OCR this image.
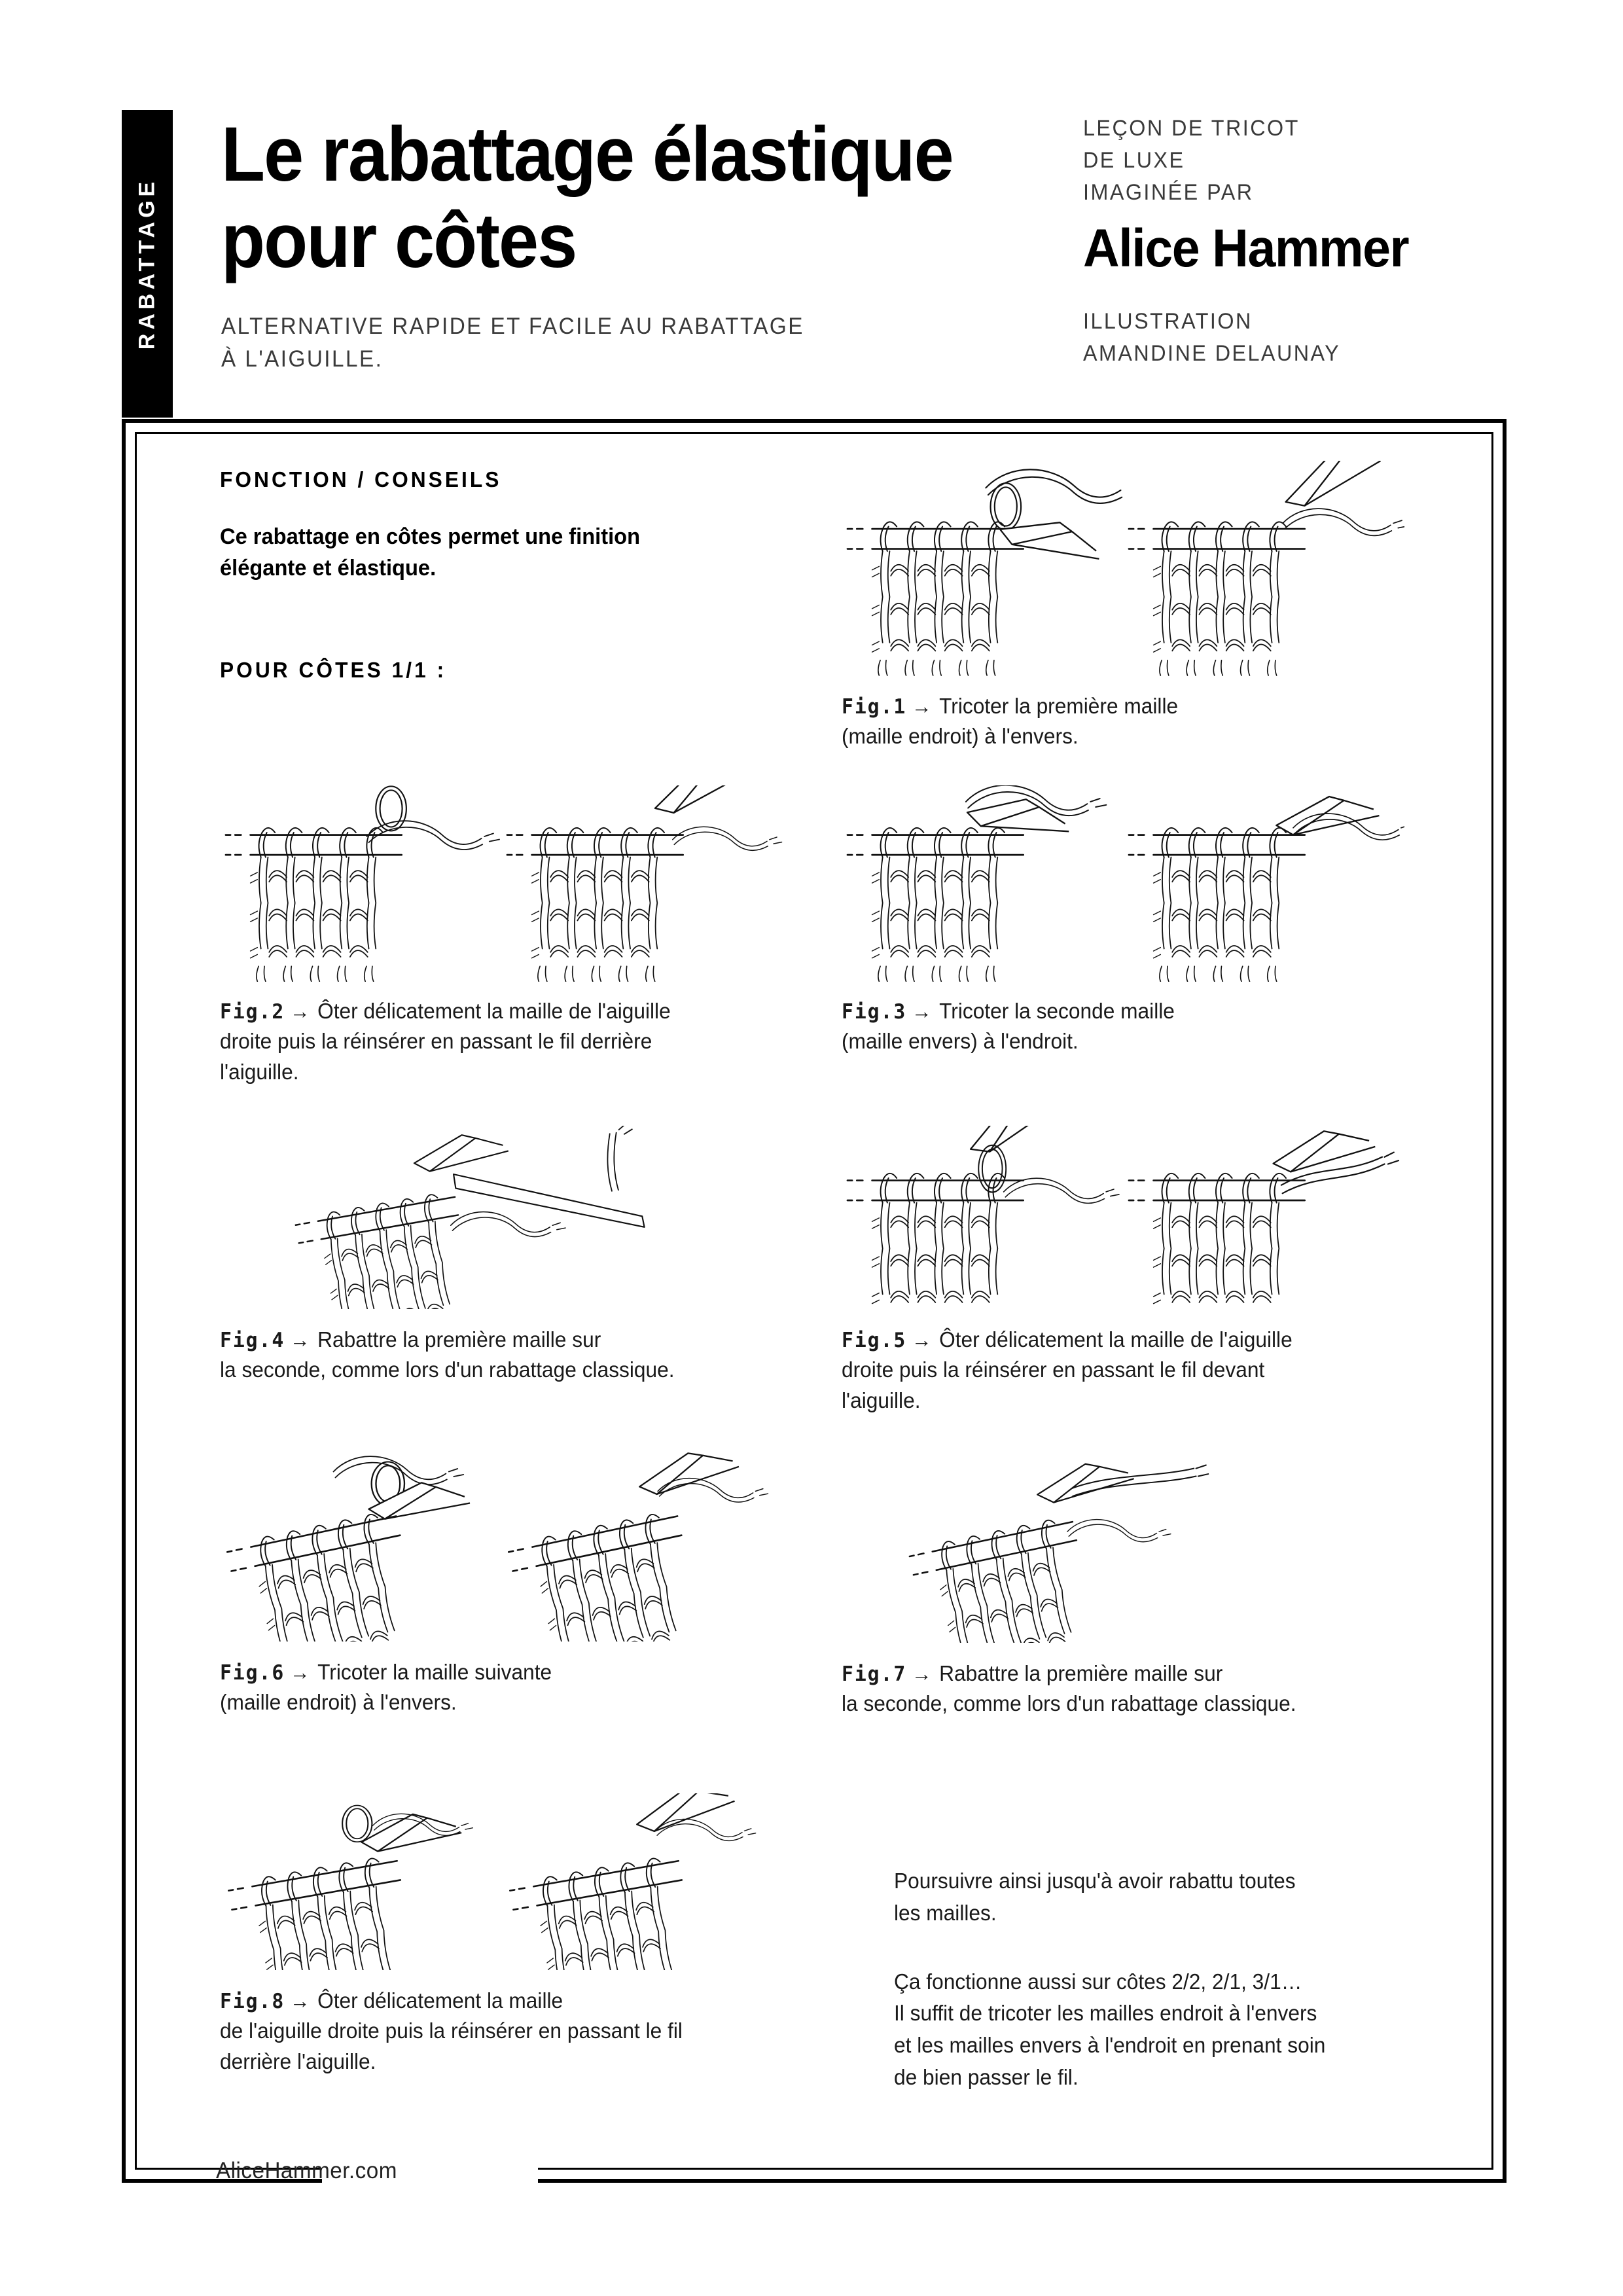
RABATTAGE
Le rabattage élastique
pour côtes
ALTERNATIVE RAPIDE ET FACILE AU RABATTAGE
À L'AIGUILLE.
LEÇON DE TRICOT
DE LUXE
IMAGINÉE PAR
Alice Hammer
ILLUSTRATION
AMANDINE DELAUNAY
AliceHammer.com
FONCTION / CONSEILS
Ce rabattage en côtes permet une finition
élégante et élastique.
POUR CÔTES 1/1 :
Fig.1 → Tricoter la première maille
(maille endroit) à l'envers.
Fig.2 → Ôter délicatement la maille de l'aiguille
droite puis la réinsérer en passant le fil derrière
l'aiguille.
Fig.3 → Tricoter la seconde maille
(maille envers) à l'endroit.
Fig.4 → Rabattre la première maille sur
la seconde, comme lors d'un rabattage classique.
Fig.5 → Ôter délicatement la maille de l'aiguille
droite puis la réinsérer en passant le fil devant
l'aiguille.
Fig.6 → Tricoter la maille suivante
(maille endroit) à l'envers.
Fig.7 → Rabattre la première maille sur
la seconde, comme lors d'un rabattage classique.
Fig.8 → Ôter délicatement la maille
de l'aiguille droite puis la réinsérer en passant le fil
derrière l'aiguille.
Poursuivre ainsi jusqu'à avoir rabattu toutes
les mailles.
Ça fonctionne aussi sur côtes 2/2, 2/1, 3/1…
Il suffit de tricoter les mailles endroit à l'envers
et les mailles envers à l'endroit en prenant soin
de bien passer le fil.
